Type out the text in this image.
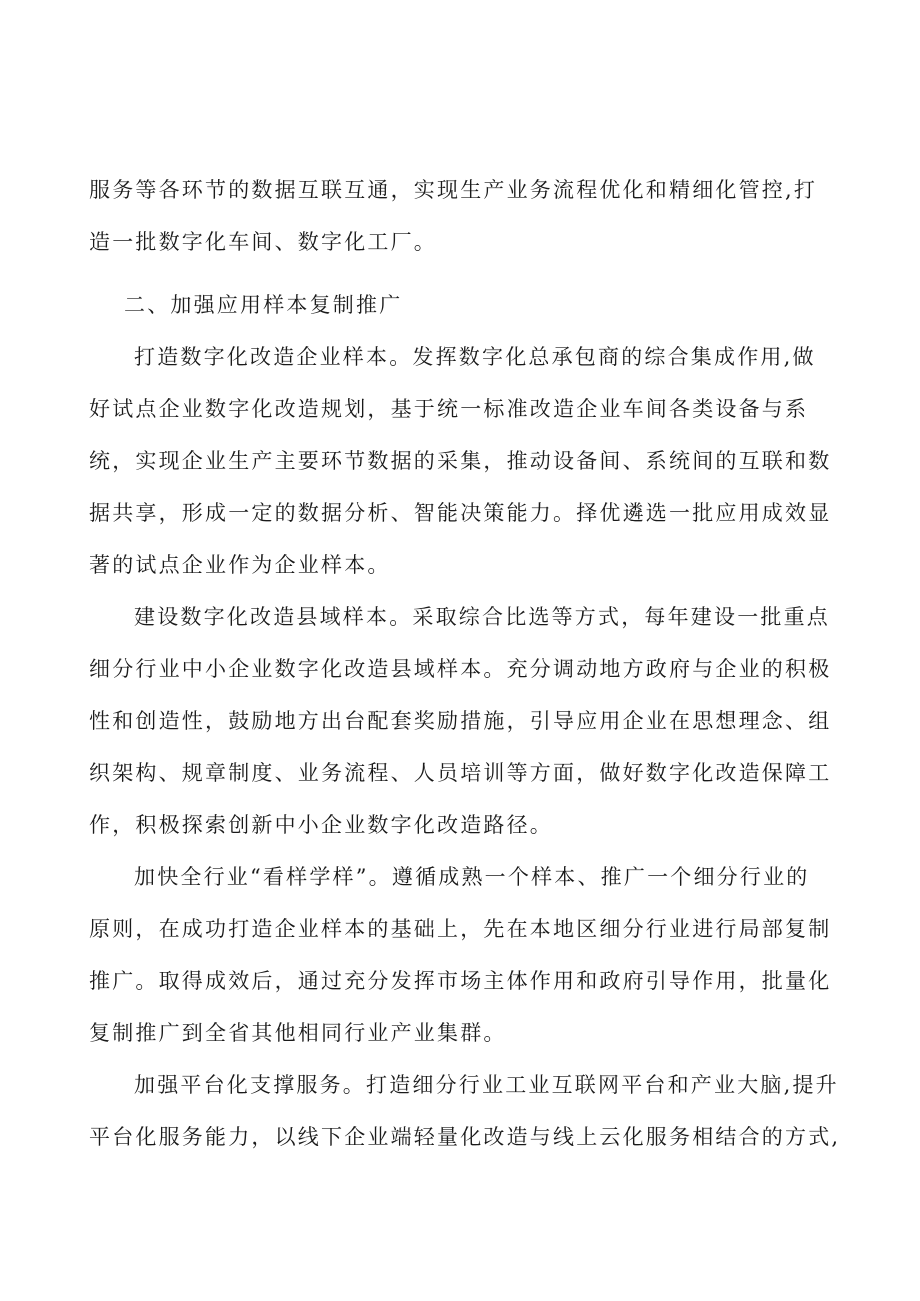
服务等各环节的数据互联互通，实现生产业务流程优化和精细化管控,打
造一批数字化车间、数字化工厂。
二、加强应用样本复制推广
打造数字化改造企业样本。发挥数字化总承包商的综合集成作用,做
好试点企业数字化改造规划，基于统一标准改造企业车间各类设备与系
统，实现企业生产主要环节数据的采集，推动设备间、系统间的互联和数
据共享，形成一定的数据分析、智能决策能力。择优遴选一批应用成效显
著的试点企业作为企业样本。
建设数字化改造县域样本。采取综合比选等方式，每年建设一批重点
细分行业中小企业数字化改造县域样本。充分调动地方政府与企业的积极
性和创造性，鼓励地方出台配套奖励措施，引导应用企业在思想理念、组
织架构、规章制度、业务流程、人员培训等方面，做好数字化改造保障工
作，积极探索创新中小企业数字化改造路径。
加快全行业“看样学样”。遵循成熟一个样本、推广一个细分行业的
原则，在成功打造企业样本的基础上，先在本地区细分行业进行局部复制
推广。取得成效后，通过充分发挥市场主体作用和政府引导作用，批量化
复制推广到全省其他相同行业产业集群。
加强平台化支撑服务。打造细分行业工业互联网平台和产业大脑,提升
平台化服务能力，以线下企业端轻量化改造与线上云化服务相结合的方式,
